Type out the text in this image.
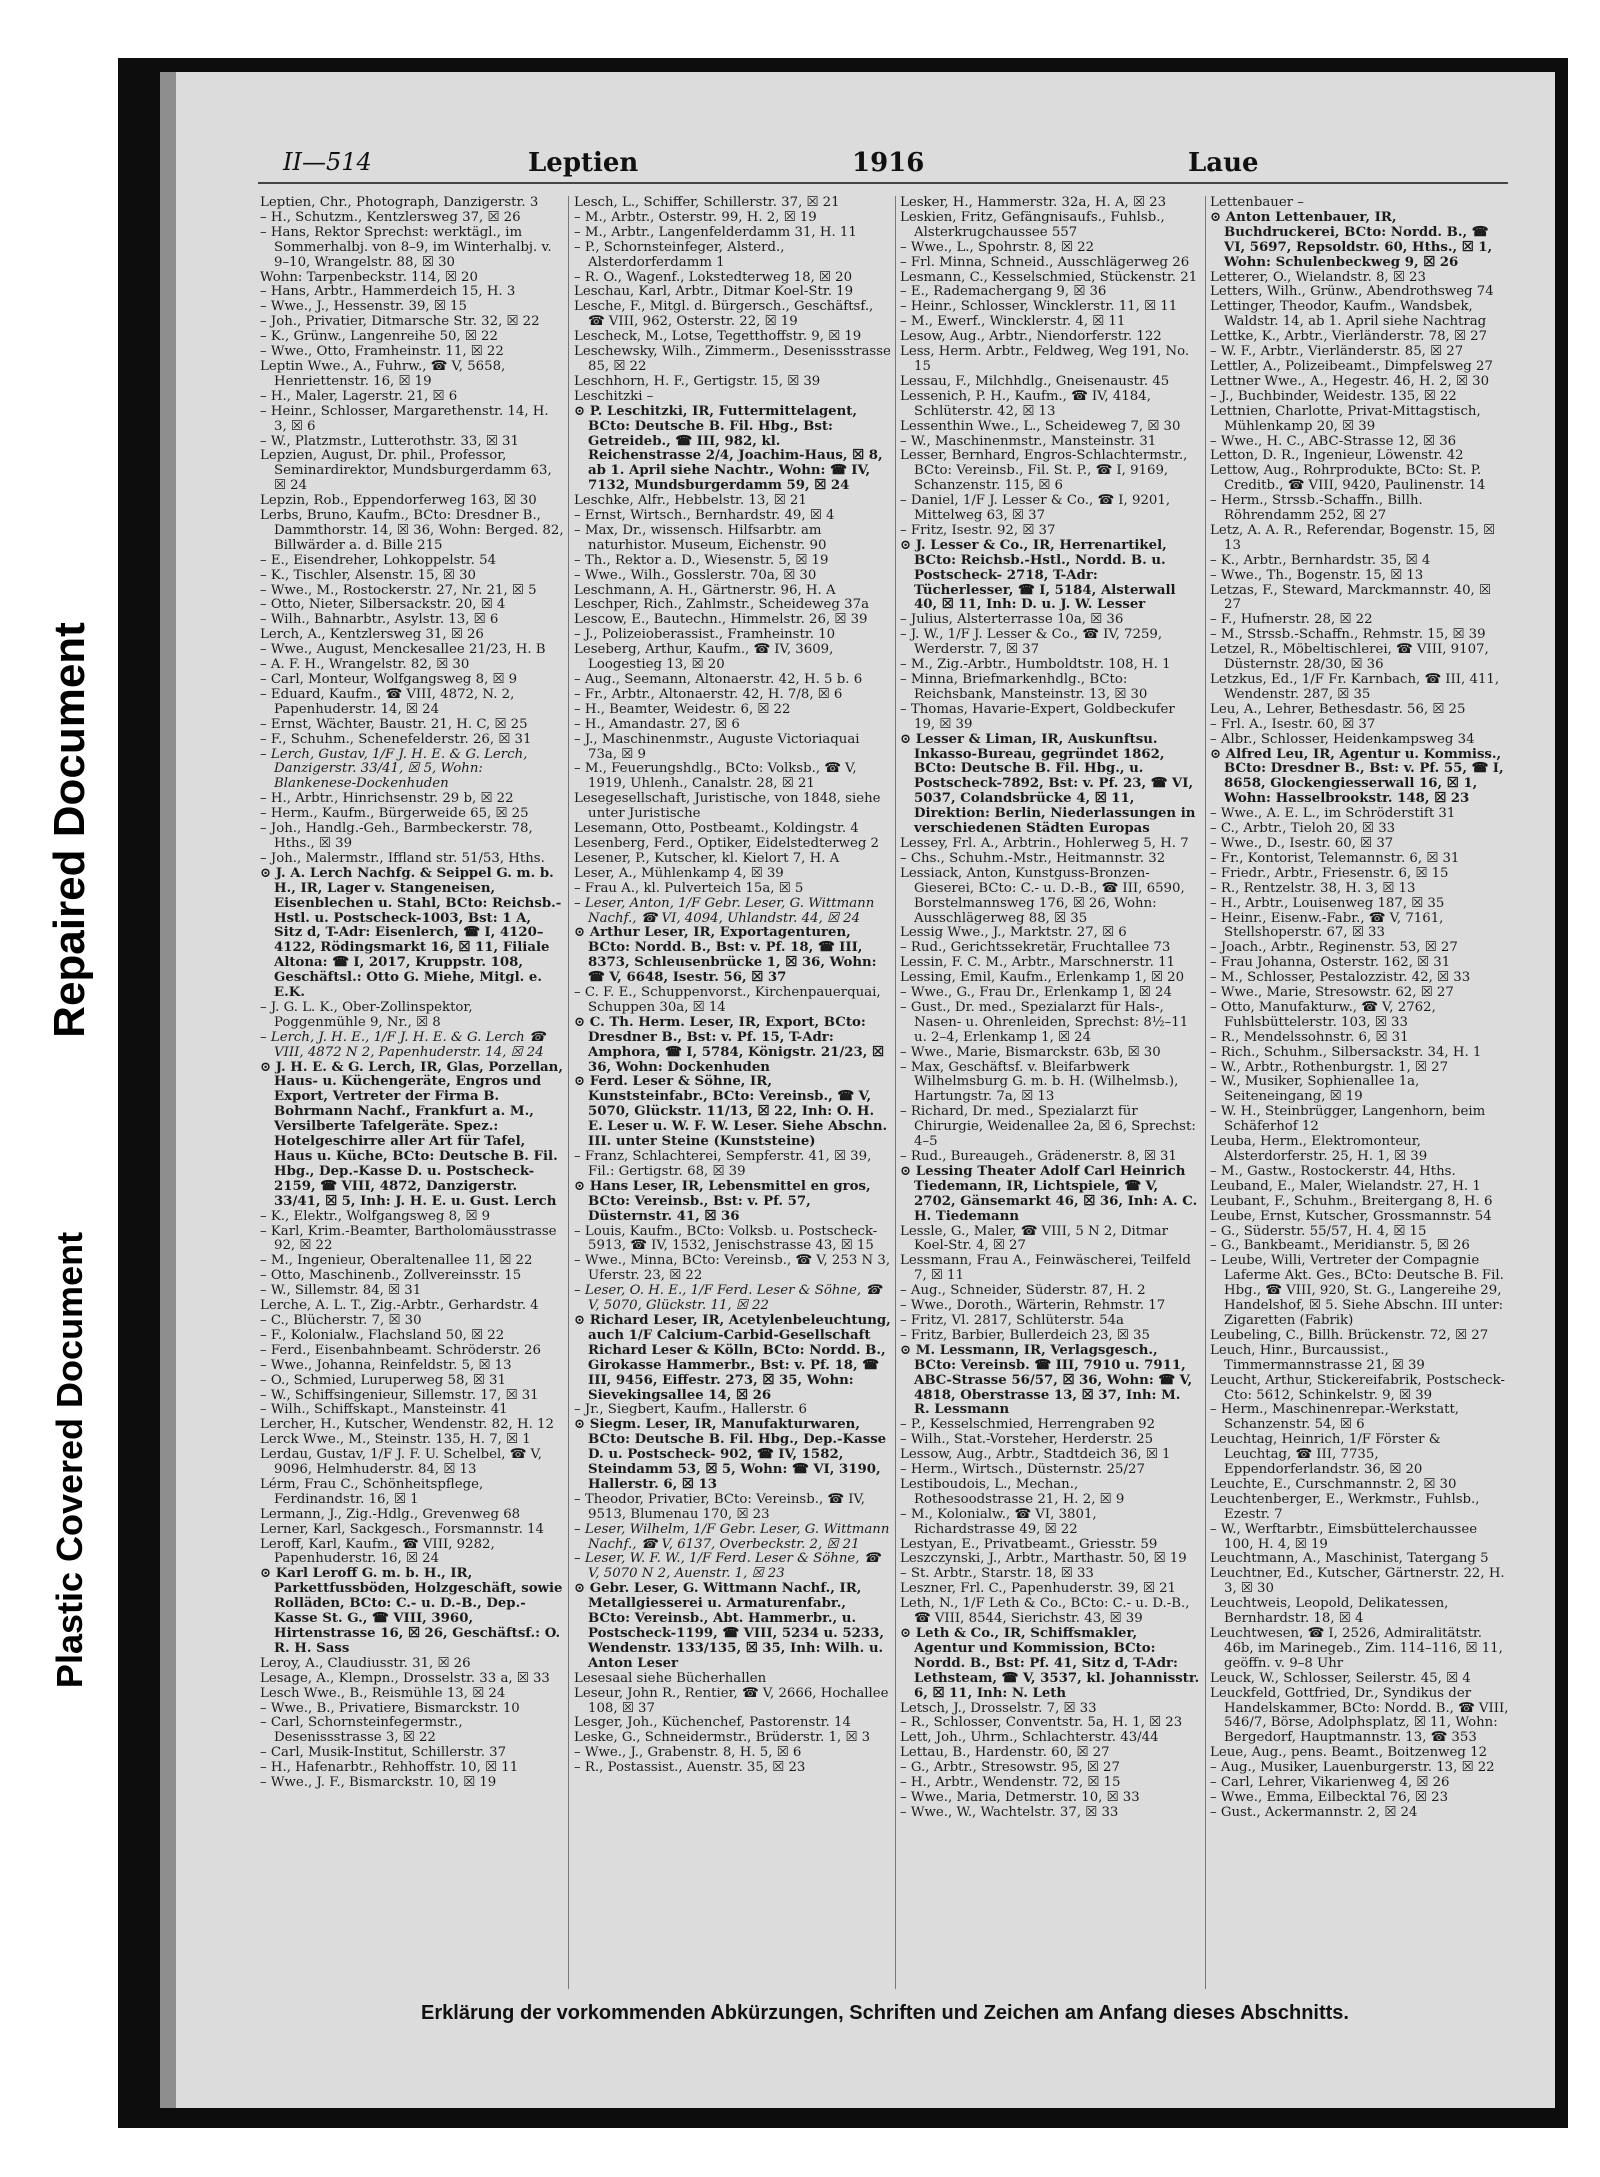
Repaired Document
Plastic Covered Document
II—514	Leptien	1916	Laue

Leptien, Chr., Photograph, Danzigerstr. 3

– H., Schutzm., Kentzlersweg 37, ☒ 26

– Hans, Rektor Sprechst: werktägl., im Sommerhalbj. von 8–9, im Winterhalbj. v. 9–10, Wrangelstr. 88, ☒ 30

Wohn: Tarpenbeckstr. 114, ☒ 20

– Hans, Arbtr., Hammerdeich 15, H. 3

– Wwe., J., Hessenstr. 39, ☒ 15

– Joh., Privatier, Ditmarsche Str. 32, ☒ 22

– K., Grünw., Langenreihe 50, ☒ 22

– Wwe., Otto, Framheinstr. 11, ☒ 22

Leptin Wwe., A., Fuhrw., ☎ V, 5658, Henriettenstr. 16, ☒ 19

– H., Maler, Lagerstr. 21, ☒ 6

– Heinr., Schlosser, Margarethenstr. 14, H. 3, ☒ 6

– W., Platzmstr., Lutterothstr. 33, ☒ 31

Lepzien, August, Dr. phil., Professor, Seminardirektor, Mundsburgerdamm 63, ☒ 24

Lepzin, Rob., Eppendorferweg 163, ☒ 30

Lerbs, Bruno, Kaufm., BCto: Dresdner B., Dammthorstr. 14, ☒ 36, Wohn: Berged. 82, Billwärder a. d. Bille 215

– E., Eisendreher, Lohkoppelstr. 54

– K., Tischler, Alsenstr. 15, ☒ 30

– Wwe., M., Rostockerstr. 27, Nr. 21, ☒ 5

– Otto, Nieter, Silbersackstr. 20, ☒ 4

– Wilh., Bahnarbtr., Asylstr. 13, ☒ 6

Lerch, A., Kentzlersweg 31, ☒ 26

– Wwe., August, Menckesallee 21/23, H. B

– A. F. H., Wrangelstr. 82, ☒ 30

– Carl, Monteur, Wolfgangsweg 8, ☒ 9

– Eduard, Kaufm., ☎ VIII, 4872, N. 2, Papenhuderstr. 14, ☒ 24

– Ernst, Wächter, Baustr. 21, H. C, ☒ 25

– F., Schuhm., Schenefelderstr. 26, ☒ 31

– Lerch, Gustav, 1/F J. H. E. & G. Lerch, Danzigerstr. 33/41, ☒ 5, Wohn: Blankenese-Dockenhuden

– H., Arbtr., Hinrichsenstr. 29 b, ☒ 22

– Herm., Kaufm., Bürgerweide 65, ☒ 25

– Joh., Handlg.-Geh., Barmbeckerstr. 78, Hths., ☒ 39

– Joh., Malermstr., Iffland str. 51/53, Hths.

⊙ J. A. Lerch Nachfg. & Seippel G. m. b. H., IR, Lager v. Stangeneisen, Eisenblechen u. Stahl, BCto: Reichsb.-Hstl. u. Postscheck-1003, Bst: 1 A, Sitz d, T-Adr: Eisenlerch, ☎ I, 4120–4122, Rödingsmarkt 16, ☒ 11, Filiale Altona: ☎ I, 2017, Kruppstr. 108, Geschäftsl.: Otto G. Miehe, Mitgl. e. E.K.

– J. G. L. K., Ober-Zollinspektor, Poggenmühle 9, Nr., ☒ 8

– Lerch, J. H. E., 1/F J. H. E. & G. Lerch ☎ VIII, 4872 N 2, Papenhuderstr. 14, ☒ 24

⊙ J. H. E. & G. Lerch, IR, Glas, Porzellan, Haus- u. Küchengeräte, Engros und Export, Vertreter der Firma B. Bohrmann Nachf., Frankfurt a. M., Versilberte Tafelgeräte. Spez.: Hotelgeschirre aller Art für Tafel, Haus u. Küche, BCto: Deutsche B. Fil. Hbg., Dep.-Kasse D. u. Postscheck- 2159, ☎ VIII, 4872, Danzigerstr. 33/41, ☒ 5, Inh: J. H. E. u. Gust. Lerch

– K., Elektr., Wolfgangsweg 8, ☒ 9

– Karl, Krim.-Beamter, Bartholomäusstrasse 92, ☒ 22

– M., Ingenieur, Oberaltenallee 11, ☒ 22

– Otto, Maschinenb., Zollvereinsstr. 15

– W., Sillemstr. 84, ☒ 31

Lerche, A. L. T., Zig.-Arbtr., Gerhardstr. 4

– C., Blücherstr. 7, ☒ 30

– F., Kolonialw., Flachsland 50, ☒ 22

– Ferd., Eisenbahnbeamt. Schröderstr. 26

– Wwe., Johanna, Reinfeldstr. 5, ☒ 13

– O., Schmied, Luruperweg 58, ☒ 31

– W., Schiffsingenieur, Sillemstr. 17, ☒ 31

– Wilh., Schiffskapt., Mansteinstr. 41

Lercher, H., Kutscher, Wendenstr. 82, H. 12

Lerck Wwe., M., Steinstr. 135, H. 7, ☒ 1

Lerdau, Gustav, 1/F J. F. U. Schelbel, ☎ V, 9096, Helmhuderstr. 84, ☒ 13

Lérm, Frau C., Schönheitspflege, Ferdinandstr. 16, ☒ 1

Lermann, J., Zig.-Hdlg., Grevenweg 68

Lerner, Karl, Sackgesch., Forsmannstr. 14

Leroff, Karl, Kaufm., ☎ VIII, 9282, Papenhuderstr. 16, ☒ 24

⊙ Karl Leroff G. m. b. H., IR, Parkettfussböden, Holzgeschäft, sowie Rolläden, BCto: C.- u. D.-B., Dep.-Kasse St. G., ☎ VIII, 3960, Hirtenstrasse 16, ☒ 26, Geschäftsf.: O. R. H. Sass

Leroy, A., Claudiusstr. 31, ☒ 26

Lesage, A., Klempn., Drosselstr. 33 a, ☒ 33

Lesch Wwe., B., Reismühle 13, ☒ 24

– Wwe., B., Privatiere, Bismarckstr. 10

– Carl, Schornsteinfegermstr., Desenissstrasse 3, ☒ 22

– Carl, Musik-Institut, Schillerstr. 37

– H., Hafenarbtr., Rehhoffstr. 10, ☒ 11

– Wwe., J. F., Bismarckstr. 10, ☒ 19

Lesch, L., Schiffer, Schillerstr. 37, ☒ 21

– M., Arbtr., Osterstr. 99, H. 2, ☒ 19

– M., Arbtr., Langenfelderdamm 31, H. 11

– P., Schornsteinfeger, Alsterd., Alsterdorferdamm 1

– R. O., Wagenf., Lokstedterweg 18, ☒ 20

Leschau, Karl, Arbtr., Ditmar Koel-Str. 19

Lesche, F., Mitgl. d. Bürgersch., Geschäftsf., ☎ VIII, 962, Osterstr. 22, ☒ 19

Lescheck, M., Lotse, Tegetthoffstr. 9, ☒ 19

Leschewsky, Wilh., Zimmerm., Desenissstrasse 85, ☒ 22

Leschhorn, H. F., Gertigstr. 15, ☒ 39

Leschitzki –

⊙ P. Leschitzki, IR, Futtermittelagent, BCto: Deutsche B. Fil. Hbg., Bst: Getreideb., ☎ III, 982, kl. Reichenstrasse 2/4, Joachim-Haus, ☒ 8, ab 1. April siehe Nachtr., Wohn: ☎ IV, 7132, Mundsburgerdamm 59, ☒ 24

Leschke, Alfr., Hebbelstr. 13, ☒ 21

– Ernst, Wirtsch., Bernhardstr. 49, ☒ 4

– Max, Dr., wissensch. Hilfsarbtr. am naturhistor. Museum, Eichenstr. 90

– Th., Rektor a. D., Wiesenstr. 5, ☒ 19

– Wwe., Wilh., Gosslerstr. 70a, ☒ 30

Leschmann, A. H., Gärtnerstr. 96, H. A

Leschper, Rich., Zahlmstr., Scheideweg 37a

Lescow, E., Bautechn., Himmelstr. 26, ☒ 39

– J., Polizeioberassist., Framheinstr. 10

Leseberg, Arthur, Kaufm., ☎ IV, 3609, Loogestieg 13, ☒ 20

– Aug., Seemann, Altonaerstr. 42, H. 5 b. 6

– Fr., Arbtr., Altonaerstr. 42, H. 7/8, ☒ 6

– H., Beamter, Weidestr. 6, ☒ 22

– H., Amandastr. 27, ☒ 6

– J., Maschinenmstr., Auguste Victoriaquai 73a, ☒ 9

– M., Feuerungshdlg., BCto: Volksb., ☎ V, 1919, Uhlenh., Canalstr. 28, ☒ 21

Lesegesellschaft, Juristische, von 1848, siehe unter Juristische

Lesemann, Otto, Postbeamt., Koldingstr. 4

Lesenberg, Ferd., Optiker, Eidelstedterweg 2

Lesener, P., Kutscher, kl. Kielort 7, H. A

Leser, A., Mühlenkamp 4, ☒ 39

– Frau A., kl. Pulverteich 15a, ☒ 5

– Leser, Anton, 1/F Gebr. Leser, G. Wittmann Nachf., ☎ VI, 4094, Uhlandstr. 44, ☒ 24

⊙ Arthur Leser, IR, Exportagenturen, BCto: Nordd. B., Bst: v. Pf. 18, ☎ III, 8373, Schleusenbrücke 1, ☒ 36, Wohn: ☎ V, 6648, Isestr. 56, ☒ 37

– C. F. E., Schuppenvorst., Kirchenpauerquai, Schuppen 30a, ☒ 14

⊙ C. Th. Herm. Leser, IR, Export, BCto: Dresdner B., Bst: v. Pf. 15, T-Adr: Amphora, ☎ I, 5784, Königstr. 21/23, ☒ 36, Wohn: Dockenhuden

⊙ Ferd. Leser & Söhne, IR, Kunststeinfabr., BCto: Vereinsb., ☎ V, 5070, Glückstr. 11/13, ☒ 22, Inh: O. H. E. Leser u. W. F. W. Leser. Siehe Abschn. III. unter Steine (Kunststeine)

– Franz, Schlachterei, Sempferstr. 41, ☒ 39, Fil.: Gertigstr. 68, ☒ 39

⊙ Hans Leser, IR, Lebensmittel en gros, BCto: Vereinsb., Bst: v. Pf. 57, Düsternstr. 41, ☒ 36

– Louis, Kaufm., BCto: Volksb. u. Postscheck- 5913, ☎ IV, 1532, Jenischstrasse 43, ☒ 15

– Wwe., Minna, BCto: Vereinsb., ☎ V, 253 N 3, Uferstr. 23, ☒ 22

– Leser, O. H. E., 1/F Ferd. Leser & Söhne, ☎ V, 5070, Glückstr. 11, ☒ 22

⊙ Richard Leser, IR, Acetylenbeleuchtung, auch 1/F Calcium-Carbid-Gesellschaft Richard Leser & Kölln, BCto: Nordd. B., Girokasse Hammerbr., Bst: v. Pf. 18, ☎ III, 9456, Eiffestr. 273, ☒ 35, Wohn: Sievekingsallee 14, ☒ 26

– Jr., Siegbert, Kaufm., Hallerstr. 6

⊙ Siegm. Leser, IR, Manufakturwaren, BCto: Deutsche B. Fil. Hbg., Dep.-Kasse D. u. Postscheck- 902, ☎ IV, 1582, Steindamm 53, ☒ 5, Wohn: ☎ VI, 3190, Hallerstr. 6, ☒ 13

– Theodor, Privatier, BCto: Vereinsb., ☎ IV, 9513, Blumenau 170, ☒ 23

– Leser, Wilhelm, 1/F Gebr. Leser, G. Wittmann Nachf., ☎ V, 6137, Overbeckstr. 2, ☒ 21

– Leser, W. F. W., 1/F Ferd. Leser & Söhne, ☎ V, 5070 N 2, Auenstr. 1, ☒ 23

⊙ Gebr. Leser, G. Wittmann Nachf., IR, Metallgiesserei u. Armaturenfabr., BCto: Vereinsb., Abt. Hammerbr., u. Postscheck-1199, ☎ VIII, 5234 u. 5233, Wendenstr. 133/135, ☒ 35, Inh: Wilh. u. Anton Leser

Lesesaal siehe Bücherhallen

Leseur, John R., Rentier, ☎ V, 2666, Hochallee 108, ☒ 37

Lesger, Joh., Küchenchef, Pastorenstr. 14

Leske, G., Schneidermstr., Brüderstr. 1, ☒ 3

– Wwe., J., Grabenstr. 8, H. 5, ☒ 6

– R., Postassist., Auenstr. 35, ☒ 23

Lesker, H., Hammerstr. 32a, H. A, ☒ 23

Leskien, Fritz, Gefängnisaufs., Fuhlsb., Alsterkrugchaussee 557

– Wwe., L., Spohrstr. 8, ☒ 22

– Frl. Minna, Schneid., Ausschlägerweg 26

Lesmann, C., Kesselschmied, Stückenstr. 21

– E., Rademachergang 9, ☒ 36

– Heinr., Schlosser, Wincklerstr. 11, ☒ 11

– M., Ewerf., Wincklerstr. 4, ☒ 11

Lesow, Aug., Arbtr., Niendorferstr. 122

Less, Herm. Arbtr., Feldweg, Weg 191, No. 15

Lessau, F., Milchhdlg., Gneisenaustr. 45

Lessenich, P. H., Kaufm., ☎ IV, 4184, Schlüterstr. 42, ☒ 13

Lessenthin Wwe., L., Scheideweg 7, ☒ 30

– W., Maschinenmstr., Mansteinstr. 31

Lesser, Bernhard, Engros-Schlachtermstr., BCto: Vereinsb., Fil. St. P., ☎ I, 9169, Schanzenstr. 115, ☒ 6

– Daniel, 1/F J. Lesser & Co., ☎ I, 9201, Mittelweg 63, ☒ 37

– Fritz, Isestr. 92, ☒ 37

⊙ J. Lesser & Co., IR, Herrenartikel, BCto: Reichsb.-Hstl., Nordd. B. u. Postscheck- 2718, T-Adr: Tücherlesser, ☎ I, 5184, Alsterwall 40, ☒ 11, Inh: D. u. J. W. Lesser

– Julius, Alsterterrasse 10a, ☒ 36

– J. W., 1/F J. Lesser & Co., ☎ IV, 7259, Werderstr. 7, ☒ 37

– M., Zig.-Arbtr., Humboldtstr. 108, H. 1

– Minna, Briefmarkenhdlg., BCto: Reichsbank, Mansteinstr. 13, ☒ 30

– Thomas, Havarie-Expert, Goldbeckufer 19, ☒ 39

⊙ Lesser & Liman, IR, Auskunftsu. Inkasso-Bureau, gegründet 1862, BCto: Deutsche B. Fil. Hbg., u. Postscheck-7892, Bst: v. Pf. 23, ☎ VI, 5037, Colandsbrücke 4, ☒ 11, Direktion: Berlin, Niederlassungen in verschiedenen Städten Europas

Lessey, Frl. A., Arbtrin., Hohlerweg 5, H. 7

– Chs., Schuhm.-Mstr., Heitmannstr. 32

Lessiack, Anton, Kunstguss-Bronzen-Gieserei, BCto: C.- u. D.-B., ☎ III, 6590, Borstelmannsweg 176, ☒ 26, Wohn: Ausschlägerweg 88, ☒ 35

Lessig Wwe., J., Marktstr. 27, ☒ 6

– Rud., Gerichtssekretär, Fruchtallee 73

Lessin, F. C. M., Arbtr., Marschnerstr. 11

Lessing, Emil, Kaufm., Erlenkamp 1, ☒ 20

– Wwe., G., Frau Dr., Erlenkamp 1, ☒ 24

– Gust., Dr. med., Spezialarzt für Hals-, Nasen- u. Ohrenleiden, Sprechst: 8½–11 u. 2–4, Erlenkamp 1, ☒ 24

– Wwe., Marie, Bismarckstr. 63b, ☒ 30

– Max, Geschäftsf. v. Bleifarbwerk Wilhelmsburg G. m. b. H. (Wilhelmsb.), Hartungstr. 7a, ☒ 13

– Richard, Dr. med., Spezialarzt für Chirurgie, Weidenallee 2a, ☒ 6, Sprechst: 4–5

– Rud., Bureaugeh., Grädenerstr. 8, ☒ 31

⊙ Lessing Theater Adolf Carl Heinrich Tiedemann, IR, Lichtspiele, ☎ V, 2702, Gänsemarkt 46, ☒ 36, Inh: A. C. H. Tiedemann

Lessle, G., Maler, ☎ VIII, 5 N 2, Ditmar Koel-Str. 4, ☒ 27

Lessmann, Frau A., Feinwäscherei, Teilfeld 7, ☒ 11

– Aug., Schneider, Süderstr. 87, H. 2

– Wwe., Doroth., Wärterin, Rehmstr. 17

– Fritz, Vl. 2817, Schlüterstr. 54a

– Fritz, Barbier, Bullerdeich 23, ☒ 35

⊙ M. Lessmann, IR, Verlagsgesch., BCto: Vereinsb. ☎ III, 7910 u. 7911, ABC-Strasse 56/57, ☒ 36, Wohn: ☎ V, 4818, Oberstrasse 13, ☒ 37, Inh: M. R. Lessmann

– P., Kesselschmied, Herrengraben 92

– Wilh., Stat.-Vorsteher, Herderstr. 25

Lessow, Aug., Arbtr., Stadtdeich 36, ☒ 1

– Herm., Wirtsch., Düsternstr. 25/27

Lestiboudois, L., Mechan., Rothesoodstrasse 21, H. 2, ☒ 9

– M., Kolonialw., ☎ VI, 3801, Richardstrasse 49, ☒ 22

Lestyan, E., Privatbeamt., Griesstr. 59

Leszczynski, J., Arbtr., Marthastr. 50, ☒ 19

– St. Arbtr., Starstr. 18, ☒ 33

Leszner, Frl. C., Papenhuderstr. 39, ☒ 21

Leth, N., 1/F Leth & Co., BCto: C.- u. D.-B., ☎ VIII, 8544, Sierichstr. 43, ☒ 39

⊙ Leth & Co., IR, Schiffsmakler, Agentur und Kommission, BCto: Nordd. B., Bst: Pf. 41, Sitz d, T-Adr: Lethsteam, ☎ V, 3537, kl. Johannisstr. 6, ☒ 11, Inh: N. Leth

Letsch, J., Drosselstr. 7, ☒ 33

– R., Schlosser, Conventstr. 5a, H. 1, ☒ 23

Lett, Joh., Uhrm., Schlachterstr. 43/44

Lettau, B., Hardenstr. 60, ☒ 27

– G., Arbtr., Stresowstr. 95, ☒ 27

– H., Arbtr., Wendenstr. 72, ☒ 15

– Wwe., Maria, Detmerstr. 10, ☒ 33

– Wwe., W., Wachtelstr. 37, ☒ 33

Lettenbauer –

⊙ Anton Lettenbauer, IR, Buchdruckerei, BCto: Nordd. B., ☎ VI, 5697, Repsoldstr. 60, Hths., ☒ 1, Wohn: Schulenbeckweg 9, ☒ 26

Letterer, O., Wielandstr. 8, ☒ 23

Letters, Wilh., Grünw., Abendrothsweg 74

Lettinger, Theodor, Kaufm., Wandsbek, Waldstr. 14, ab 1. April siehe Nachtrag

Lettke, K., Arbtr., Vierländerstr. 78, ☒ 27

– W. F., Arbtr., Vierländerstr. 85, ☒ 27

Lettler, A., Polizeibeamt., Dimpfelsweg 27

Lettner Wwe., A., Hegestr. 46, H. 2, ☒ 30

– J., Buchbinder, Weidestr. 135, ☒ 22

Lettnien, Charlotte, Privat-Mittagstisch, Mühlenkamp 20, ☒ 39

– Wwe., H. C., ABC-Strasse 12, ☒ 36

Letton, D. R., Ingenieur, Löwenstr. 42

Lettow, Aug., Rohrprodukte, BCto: St. P. Creditb., ☎ VIII, 9420, Paulinenstr. 14

– Herm., Strssb.-Schaffn., Billh. Röhrendamm 252, ☒ 27

Letz, A. A. R., Referendar, Bogenstr. 15, ☒ 13

– K., Arbtr., Bernhardstr. 35, ☒ 4

– Wwe., Th., Bogenstr. 15, ☒ 13

Letzas, F., Steward, Marckmannstr. 40, ☒ 27

– F., Hufnerstr. 28, ☒ 22

– M., Strssb.-Schaffn., Rehmstr. 15, ☒ 39

Letzel, R., Möbeltischlerei, ☎ VIII, 9107, Düsternstr. 28/30, ☒ 36

Letzkus, Ed., 1/F Fr. Karnbach, ☎ III, 411, Wendenstr. 287, ☒ 35

Leu, A., Lehrer, Bethesdastr. 56, ☒ 25

– Frl. A., Isestr. 60, ☒ 37

– Albr., Schlosser, Heidenkampsweg 34

⊙ Alfred Leu, IR, Agentur u. Kommiss., BCto: Dresdner B., Bst: v. Pf. 55, ☎ I, 8658, Glockengiesserwall 16, ☒ 1, Wohn: Hasselbrookstr. 148, ☒ 23

– Wwe., A. E. L., im Schröderstift 31

– C., Arbtr., Tieloh 20, ☒ 33

– Wwe., D., Isestr. 60, ☒ 37

– Fr., Kontorist, Telemannstr. 6, ☒ 31

– Friedr., Arbtr., Friesenstr. 6, ☒ 15

– R., Rentzelstr. 38, H. 3, ☒ 13

– H., Arbtr., Louisenweg 187, ☒ 35

– Heinr., Eisenw.-Fabr., ☎ V, 7161, Stellshoperstr. 67, ☒ 33

– Joach., Arbtr., Reginenstr. 53, ☒ 27

– Frau Johanna, Osterstr. 162, ☒ 31

– M., Schlosser, Pestalozzistr. 42, ☒ 33

– Wwe., Marie, Stresowstr. 62, ☒ 27

– Otto, Manufakturw., ☎ V, 2762, Fuhlsbüttelerstr. 103, ☒ 33

– R., Mendelssohnstr. 6, ☒ 31

– Rich., Schuhm., Silbersackstr. 34, H. 1

– W., Arbtr., Rothenburgstr. 1, ☒ 27

– W., Musiker, Sophienallee 1a, Seiteneingang, ☒ 19

– W. H., Steinbrügger, Langenhorn, beim Schäferhof 12

Leuba, Herm., Elektromonteur, Alsterdorferstr. 25, H. 1, ☒ 39

– M., Gastw., Rostockerstr. 44, Hths.

Leuband, E., Maler, Wielandstr. 27, H. 1

Leubant, F., Schuhm., Breitergang 8, H. 6

Leube, Ernst, Kutscher, Grossmannstr. 54

– G., Süderstr. 55/57, H. 4, ☒ 15

– G., Bankbeamt., Meridianstr. 5, ☒ 26

– Leube, Willi, Vertreter der Compagnie Laferme Akt. Ges., BCto: Deutsche B. Fil. Hbg., ☎ VIII, 920, St. G., Langereihe 29, Handelshof, ☒ 5. Siehe Abschn. III unter: Zigaretten (Fabrik)

Leubeling, C., Billh. Brückenstr. 72, ☒ 27

Leuch, Hinr., Burcaussist., Timmermannstrasse 21, ☒ 39

Leucht, Arthur, Stickereifabrik, Postscheck-Cto: 5612, Schinkelstr. 9, ☒ 39

– Herm., Maschinenrepar.-Werkstatt, Schanzenstr. 54, ☒ 6

Leuchtag, Heinrich, 1/F Förster & Leuchtag, ☎ III, 7735, Eppendorferlandstr. 36, ☒ 20

Leuchte, E., Curschmannstr. 2, ☒ 30

Leuchtenberger, E., Werkmstr., Fuhlsb., Ezestr. 7

– W., Werftarbtr., Eimsbüttelerchaussee 100, H. 4, ☒ 19

Leuchtmann, A., Maschinist, Tatergang 5

Leuchtner, Ed., Kutscher, Gärtnerstr. 22, H. 3, ☒ 30

Leuchtweis, Leopold, Delikatessen, Bernhardstr. 18, ☒ 4

Leuchtwesen, ☎ I, 2526, Admiralitätstr. 46b, im Marinegeb., Zim. 114–116, ☒ 11, geöffn. v. 9–8 Uhr

Leuck, W., Schlosser, Seilerstr. 45, ☒ 4

Leuckfeld, Gottfried, Dr., Syndikus der Handelskammer, BCto: Nordd. B., ☎ VIII, 546/7, Börse, Adolphsplatz, ☒ 11, Wohn: Bergedorf, Hauptmannstr. 13, ☎ 353

Leue, Aug., pens. Beamt., Boitzenweg 12

– Aug., Musiker, Lauenburgerstr. 13, ☒ 22

– Carl, Lehrer, Vikarienweg 4, ☒ 26

– Wwe., Emma, Eilbecktal 76, ☒ 23

– Gust., Ackermannstr. 2, ☒ 24

Erklärung der vorkommenden Abkürzungen, Schriften und Zeichen am Anfang dieses Abschnitts.
